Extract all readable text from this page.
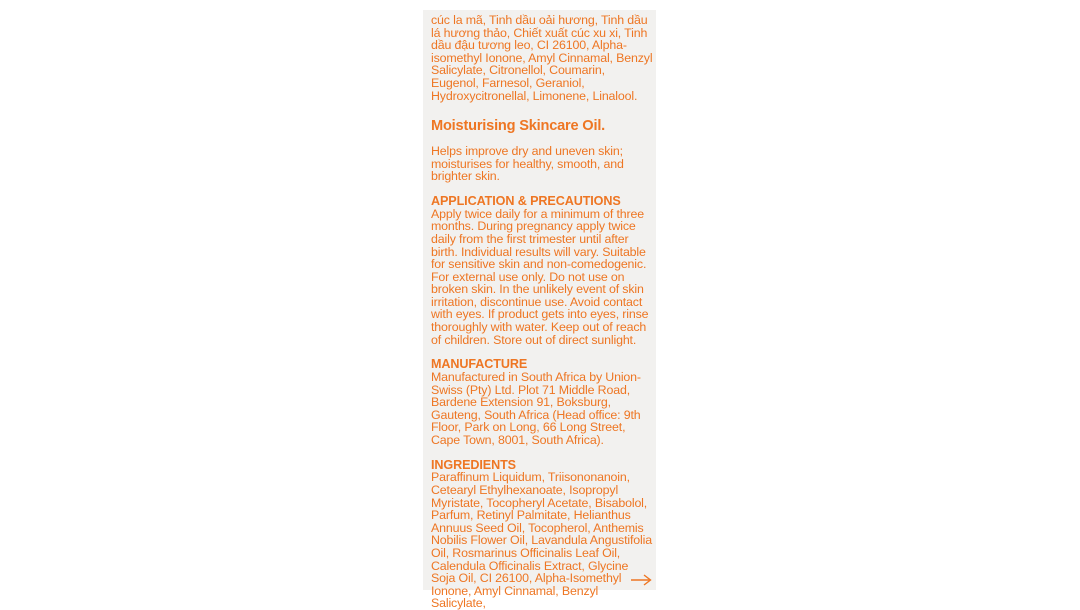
cúc la mã, Tinh dầu oải hương, Tinh dầu lá hương thảo, Chiết xuất cúc xu xi, Tinh dầu đậu tương leo, CI 26100, Alpha-isomethyl Ionone, Amyl Cinnamal, Benzyl Salicylate, Citronellol, Coumarin, Eugenol, Farnesol, Geraniol, Hydroxycitronellal, Limonene, Linalool.

Moisturising Skincare Oil.

Helps improve dry and uneven skin; moisturises for healthy, smooth, and brighter skin.

APPLICATION & PRECAUTIONS

Apply twice daily for a minimum of three months. During pregnancy apply twice daily from the first trimester until after birth. Individual results will vary. Suitable for sensitive skin and non-comedogenic. For external use only. Do not use on broken skin. In the unlikely event of skin irritation, discontinue use. Avoid contact with eyes. If product gets into eyes, rinse thoroughly with water. Keep out of reach of children. Store out of direct sunlight.

MANUFACTURE

Manufactured in South Africa by Union-Swiss (Pty) Ltd. Plot 71 Middle Road, Bardene Extension 91, Boksburg, Gauteng, South Africa (Head office: 9th Floor, Park on Long, 66 Long Street, Cape Town, 8001, South Africa).

INGREDIENTS

Paraffinum Liquidum, Triisononanoin, Cetearyl Ethylhexanoate, Isopropyl Myristate, Tocopheryl Acetate, Bisabolol, Parfum, Retinyl Palmitate, Helianthus Annuus Seed Oil, Tocopherol, Anthemis Nobilis Flower Oil, Lavandula Angustifolia Oil, Rosmarinus Officinalis Leaf Oil, Calendula Officinalis Extract, Glycine Soja Oil, CI 26100, Alpha-Isomethyl Ionone, Amyl Cinnamal, Benzyl Salicylate,
